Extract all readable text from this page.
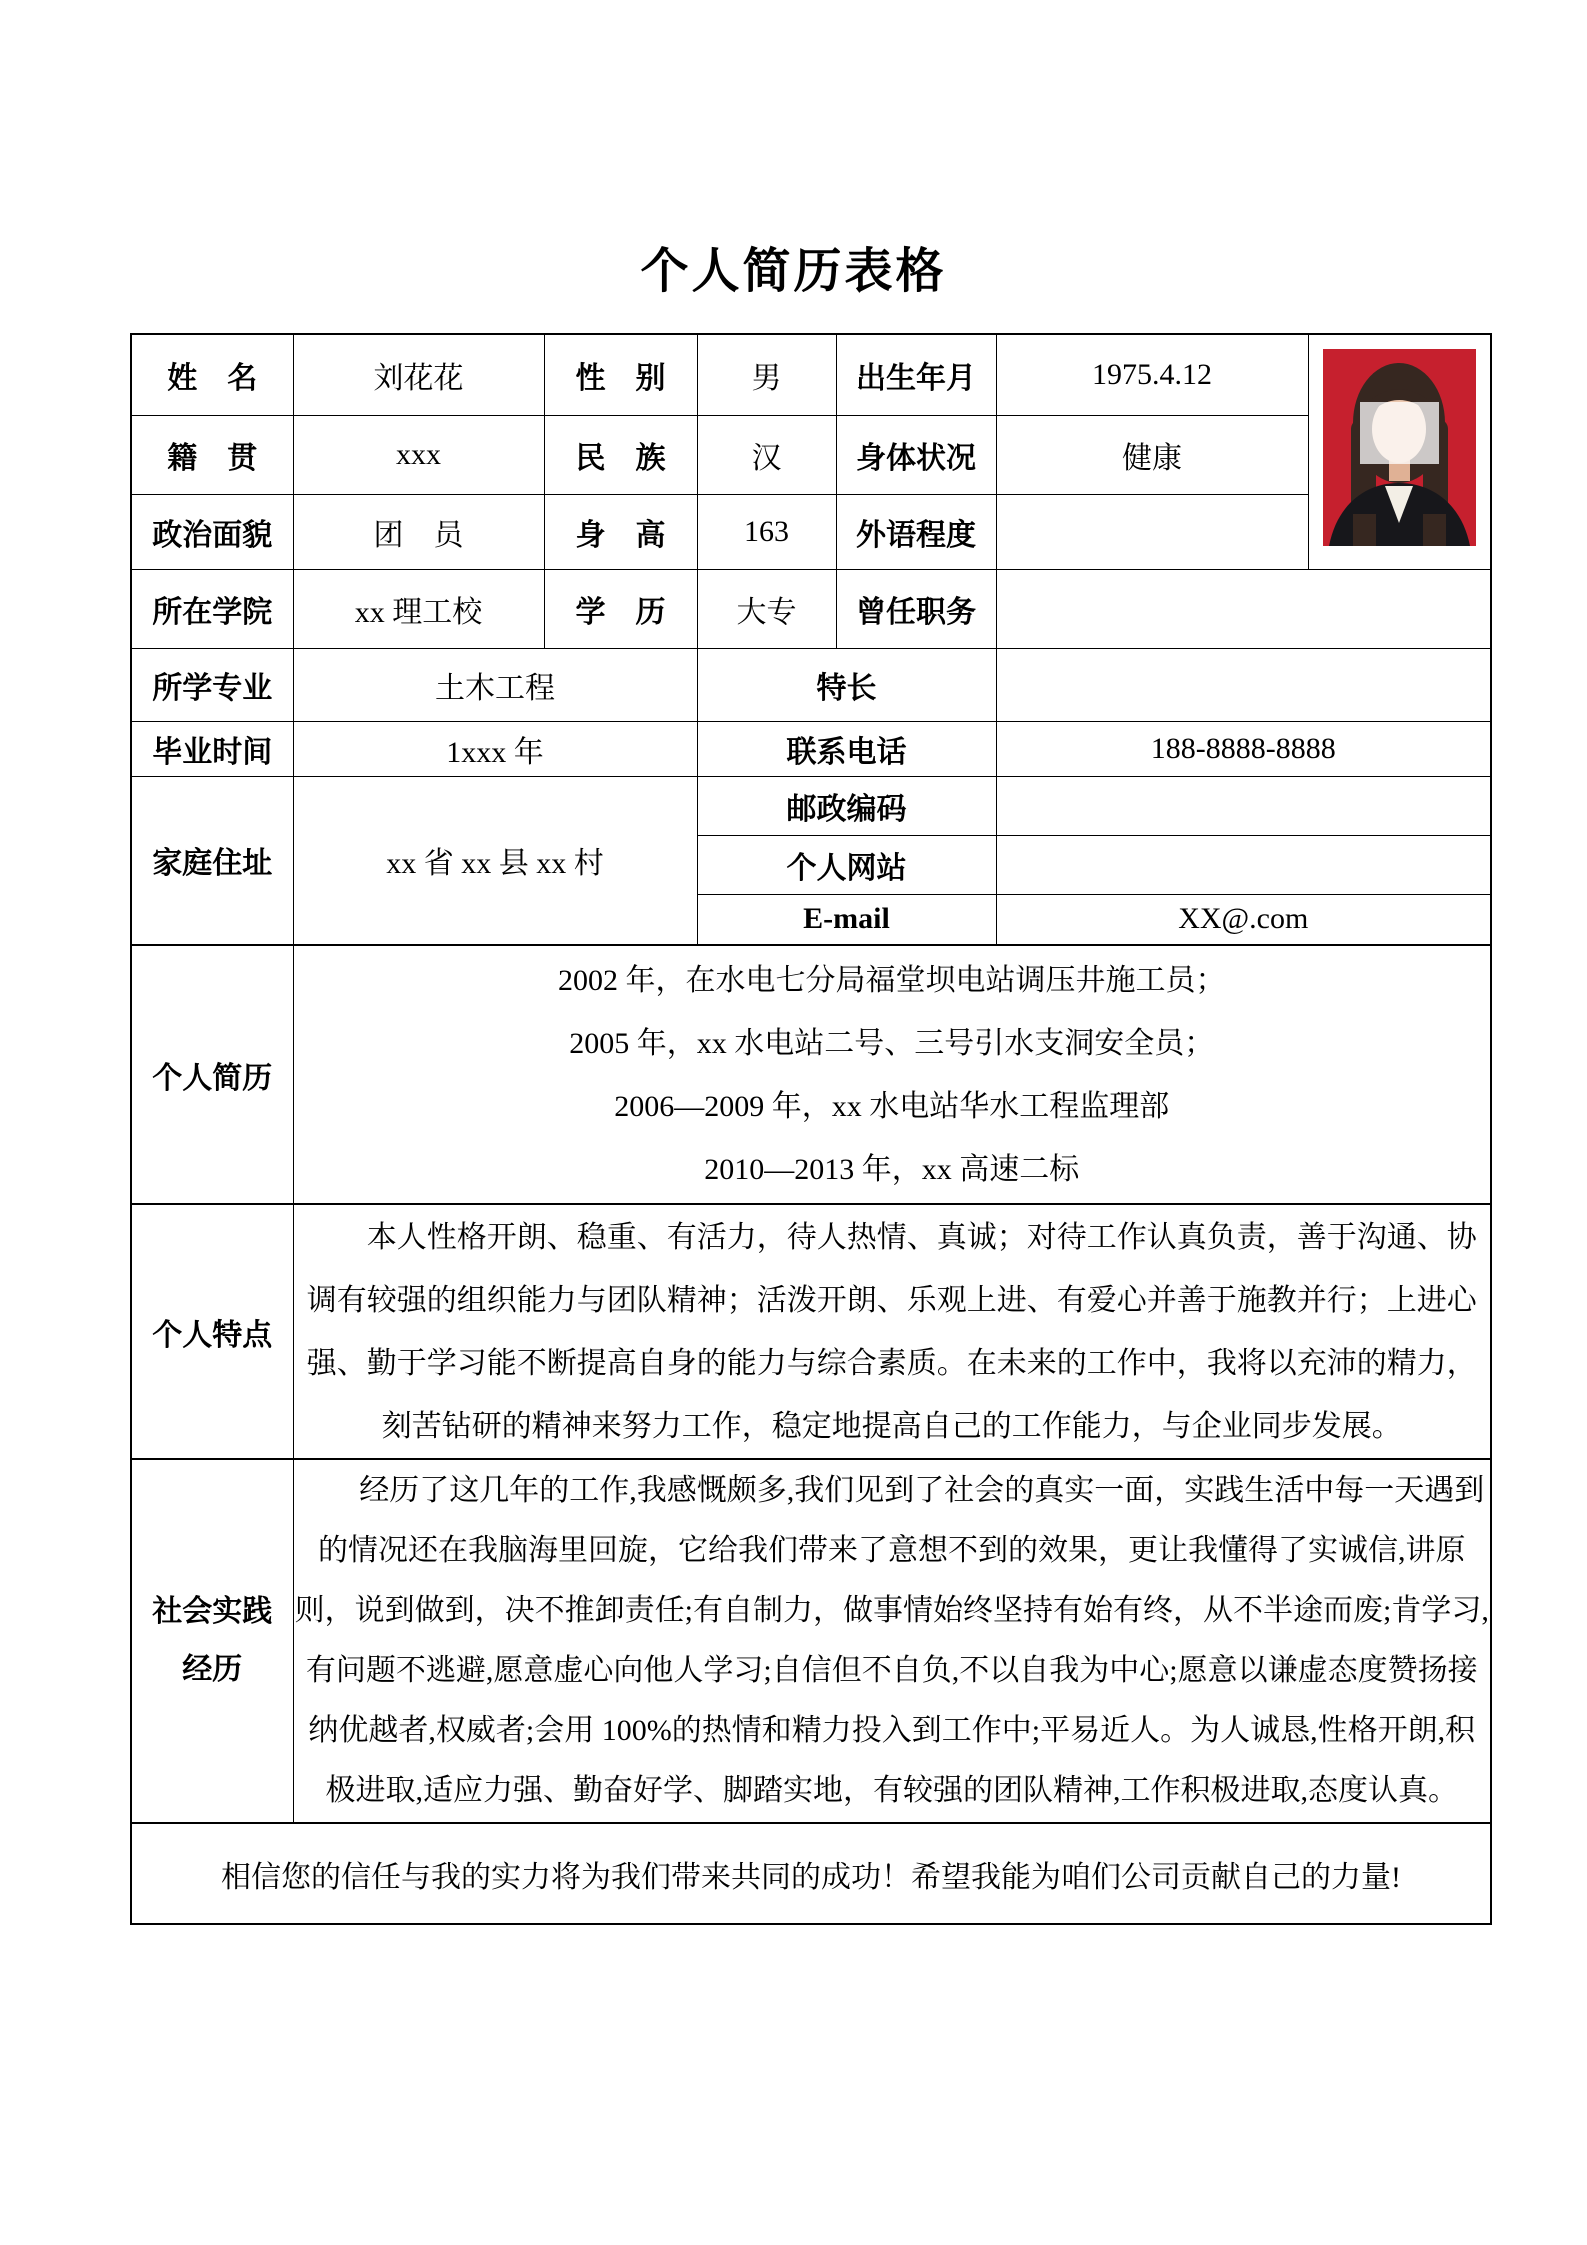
个人简历表格
姓　名	刘花花	性　别	男	出生年月	1975.4.12	
籍　贯	xxx	民　族	汉	身体状况	健康	
政治面貌	团　员	身　高	163	外语程度		
所在学院	xx 理工校	学　历	大专	曾任职务		
所学专业	土木工程		特长			
毕业时间	1xxx 年		联系电话		188-8888-8888	
家庭住址	xx 省 xx 县 xx 村		邮政编码			
			个人网站			
			E-mail		XX@.com	
个人简历	2002 年，在水电七分局福堂坝电站调压井施工员；
2005 年，xx 水电站二号、三号引水支洞安全员；
2006—2009 年，xx 水电站华水工程监理部
2010—2013 年，xx 高速二标					

个人特点	本人性格开朗、稳重、有活力，待人热情、真诚；对待工作认真负责，善于沟通、协调有较强的组织能力与团队精神；活泼开朗、乐观上进、有爱心并善于施教并行；上进心强、勤于学习能不断提高自身的能力与综合素质。在未来的工作中，我将以充沛的精力，刻苦钻研的精神来努力工作，稳定地提高自己的工作能力，与企业同步发展。					

社会实践
经历	经历了这几年的工作,我感慨颇多,我们见到了社会的真实一面，实践生活中每一天遇到的情况还在我脑海里回旋，它给我们带来了意想不到的效果，更让我懂得了实诚信,讲原则，说到做到，决不推卸责任;有自制力，做事情始终坚持有始有终，从不半途而废;肯学习,有问题不逃避,愿意虚心向他人学习;自信但不自负,不以自我为中心;愿意以谦虚态度赞扬接纳优越者,权威者;会用 100%的热情和精力投入到工作中;平易近人。为人诚恳,性格开朗,积极进取,适应力强、勤奋好学、脚踏实地，有较强的团队精神,工作积极进取,态度认真。					

相信您的信任与我的实力将为我们带来共同的成功！希望我能为咱们公司贡献自己的力量!						
